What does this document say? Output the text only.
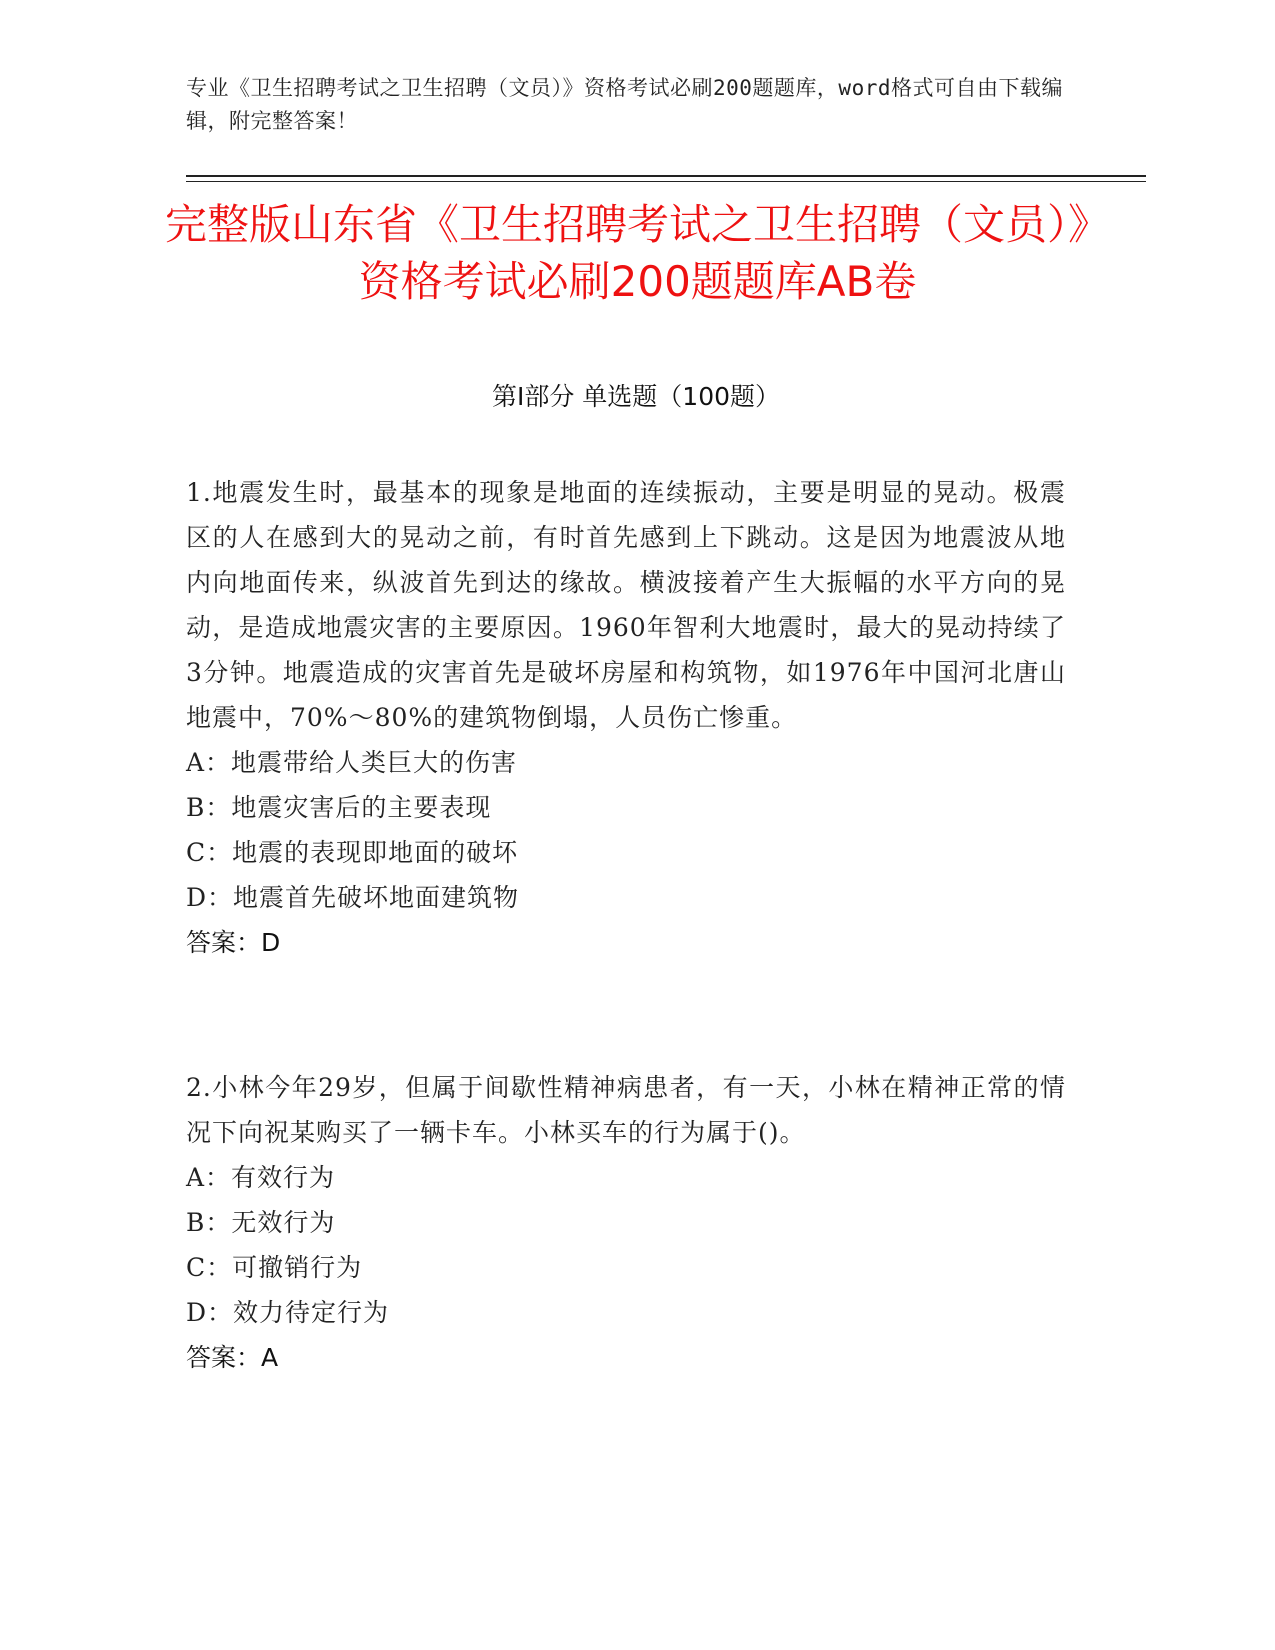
专业《卫生招聘考试之卫生招聘（文员）》资格考试必刷200题题库，word格式可自由下载编辑，附完整答案！
完整版山东省《卫生招聘考试之卫生招聘（文员）》资格考试必刷200题题库AB卷
第I部分 单选题（100题）

1.地震发生时，最基本的现象是地面的连续振动，主要是明显的晃动。极震区的人在感到大的晃动之前，有时首先感到上下跳动。这是因为地震波从地内向地面传来，纵波首先到达的缘故。横波接着产生大振幅的水平方向的晃动，是造成地震灾害的主要原因。1960年智利大地震时，最大的晃动持续了3分钟。地震造成的灾害首先是破坏房屋和构筑物，如1976年中国河北唐山地震中，70%～80%的建筑物倒塌，人员伤亡惨重。

A：地震带给人类巨大的伤害

B：地震灾害后的主要表现

C：地震的表现即地面的破坏

D：地震首先破坏地面建筑物

答案：D

2.小林今年29岁，但属于间歇性精神病患者，有一天，小林在精神正常的情况下向祝某购买了一辆卡车。小林买车的行为属于()。

A：有效行为

B：无效行为

C：可撤销行为

D：效力待定行为

答案：A
